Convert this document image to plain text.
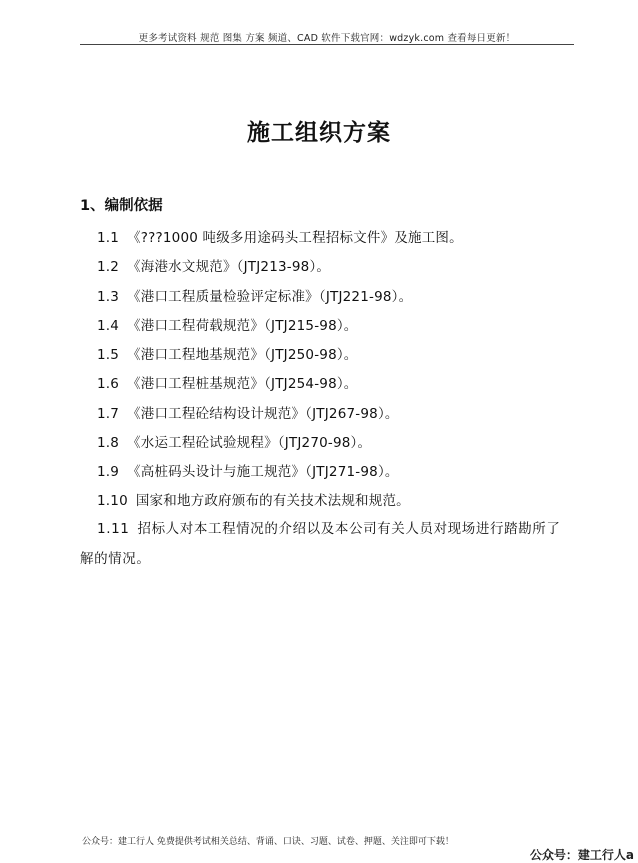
更多考试资料 规范 图集 方案 频道、CAD 软件下载官网：wdzyk.com 查看每日更新！
施工组织方案
1、编制依据
1.1 《???1000 吨级多用途码头工程招标文件》及施工图。
1.2 《海港水文规范》（JTJ213-98）。
1.3 《港口工程质量检验评定标准》（JTJ221-98）。
1.4 《港口工程荷载规范》（JTJ215-98）。
1.5 《港口工程地基规范》（JTJ250-98）。
1.6 《港口工程桩基规范》（JTJ254-98）。
1.7 《港口工程砼结构设计规范》（JTJ267-98）。
1.8 《水运工程砼试验规程》（JTJ270-98）。
1.9 《高桩码头设计与施工规范》（JTJ271-98）。
1.10 国家和地方政府颁布的有关技术法规和规范。
1.11 招标人对本工程情况的介绍以及本公司有关人员对现场进行踏勘所了解的情况。
公众号：建工行人 免费提供考试相关总结、背诵、口诀、习题、试卷、押题、关注即可下载！
公众号：建工行人a
